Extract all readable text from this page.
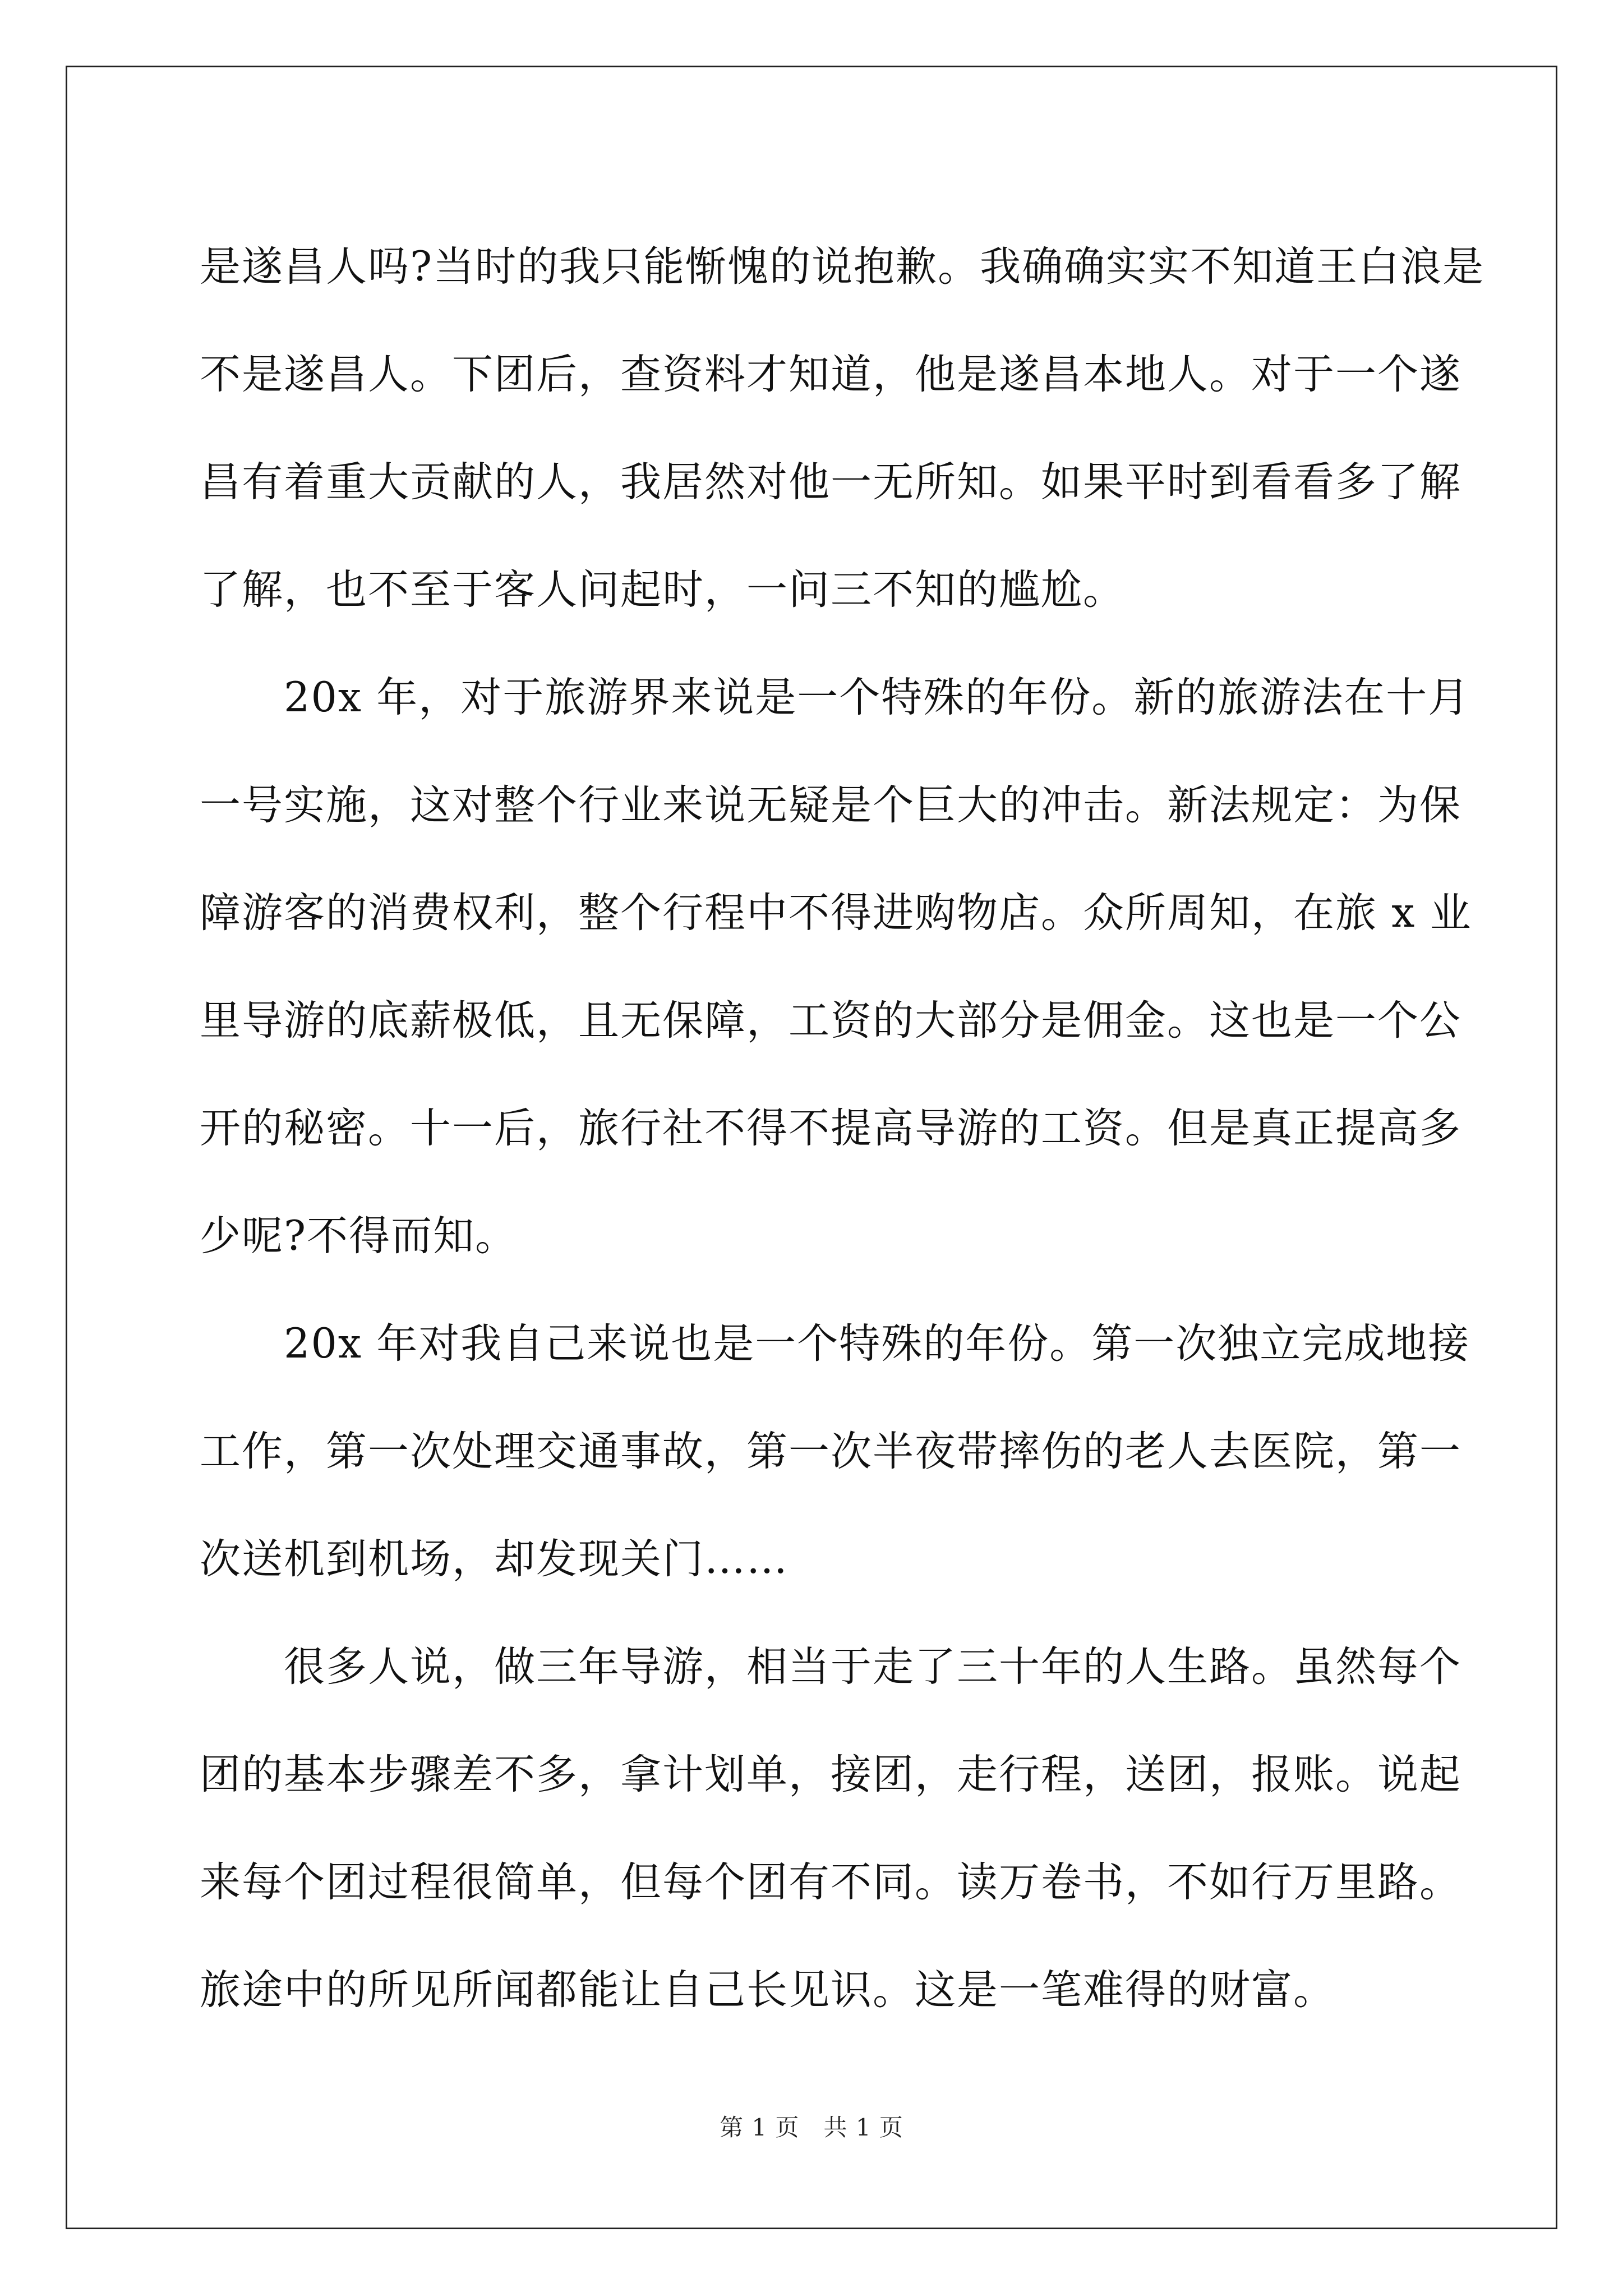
是遂昌人吗?当时的我只能惭愧的说抱歉。我确确实实不知道王白浪是
不是遂昌人。下团后，查资料才知道，他是遂昌本地人。对于一个遂
昌有着重大贡献的人，我居然对他一无所知。如果平时到看看多了解
了解，也不至于客人问起时，一问三不知的尴尬。
　　20x 年，对于旅游界来说是一个特殊的年份。新的旅游法在十月
一号实施，这对整个行业来说无疑是个巨大的冲击。新法规定：为保
障游客的消费权利，整个行程中不得进购物店。众所周知，在旅 x 业
里导游的底薪极低，且无保障，工资的大部分是佣金。这也是一个公
开的秘密。十一后，旅行社不得不提高导游的工资。但是真正提高多
少呢?不得而知。
　　20x 年对我自己来说也是一个特殊的年份。第一次独立完成地接
工作，第一次处理交通事故，第一次半夜带摔伤的老人去医院，第一
次送机到机场，却发现关门……
　　很多人说，做三年导游，相当于走了三十年的人生路。虽然每个
团的基本步骤差不多，拿计划单，接团，走行程，送团，报账。说起
来每个团过程很简单，但每个团有不同。读万卷书，不如行万里路。
旅途中的所见所闻都能让自己长见识。这是一笔难得的财富。
第 1 页　共 1 页
